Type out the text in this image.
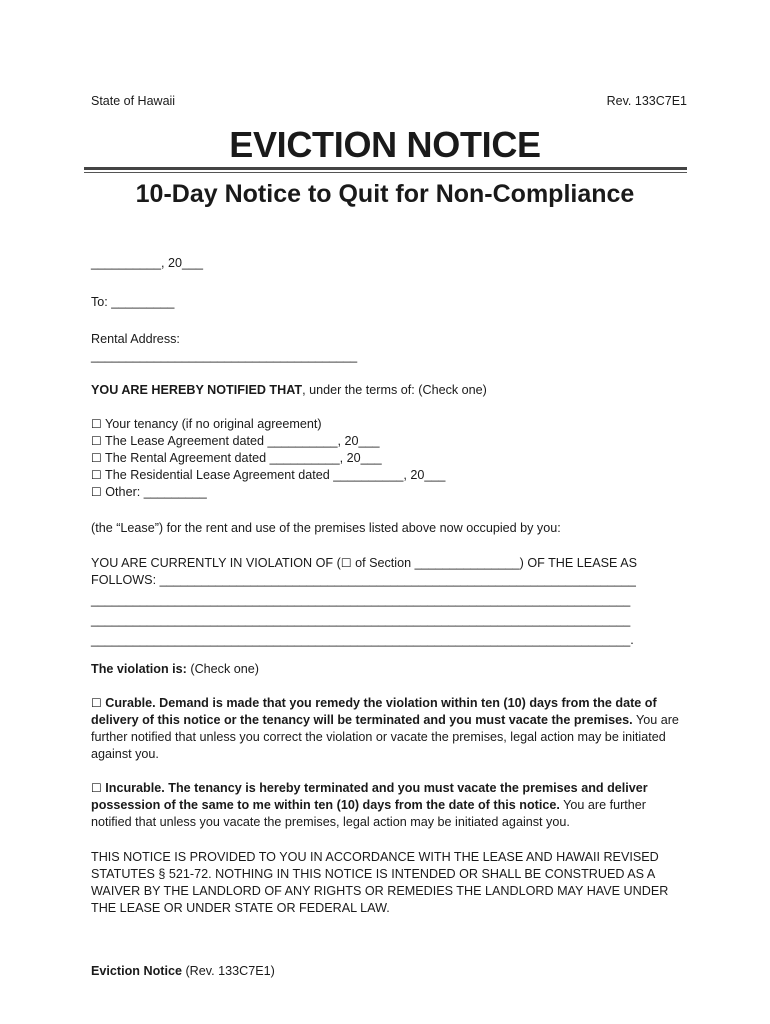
State of Hawaii	Rev. 133C7E1
EVICTION NOTICE
10-Day Notice to Quit for Non-Compliance
__________, 20___
To: _________
Rental Address:
______________________________________
YOU ARE HEREBY NOTIFIED THAT, under the terms of: (Check one)
☐ Your tenancy (if no original agreement)
☐ The Lease Agreement dated __________, 20___
☐ The Rental Agreement dated __________, 20___
☐ The Residential Lease Agreement dated __________, 20___
☐ Other: _________
(the “Lease”) for the rent and use of the premises listed above now occupied by you:
YOU ARE CURRENTLY IN VIOLATION OF (☐ of Section _______________) OF THE LEASE AS
FOLLOWS: ____________________________________________________________________
_____________________________________________________________________________
_____________________________________________________________________________
_____________________________________________________________________________.
The violation is: (Check one)
☐ Curable. Demand is made that you remedy the violation within ten (10) days from the date of
delivery of this notice or the tenancy will be terminated and you must vacate the premises. You are
further notified that unless you correct the violation or vacate the premises, legal action may be initiated
against you.
☐ Incurable. The tenancy is hereby terminated and you must vacate the premises and deliver
possession of the same to me within ten (10) days from the date of this notice. You are further
notified that unless you vacate the premises, legal action may be initiated against you.
THIS NOTICE IS PROVIDED TO YOU IN ACCORDANCE WITH THE LEASE AND HAWAII REVISED
STATUTES § 521-72. NOTHING IN THIS NOTICE IS INTENDED OR SHALL BE CONSTRUED AS A
WAIVER BY THE LANDLORD OF ANY RIGHTS OR REMEDIES THE LANDLORD MAY HAVE UNDER
THE LEASE OR UNDER STATE OR FEDERAL LAW.
Eviction Notice (Rev. 133C7E1)
